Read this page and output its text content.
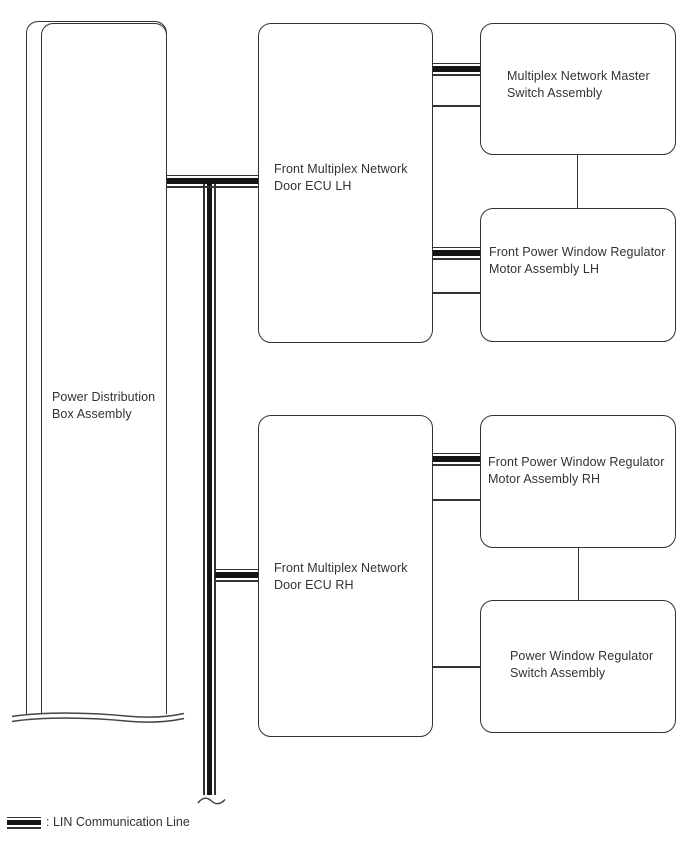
Power Distribution
Box Assembly
Front Multiplex Network
Door ECU LH
Multiplex Network Master
Switch Assembly
Front Power Window Regulator
Motor Assembly LH
Front Multiplex Network
Door ECU RH
Front Power Window Regulator
Motor Assembly RH
Power Window Regulator
Switch Assembly
: LIN Communication Line
